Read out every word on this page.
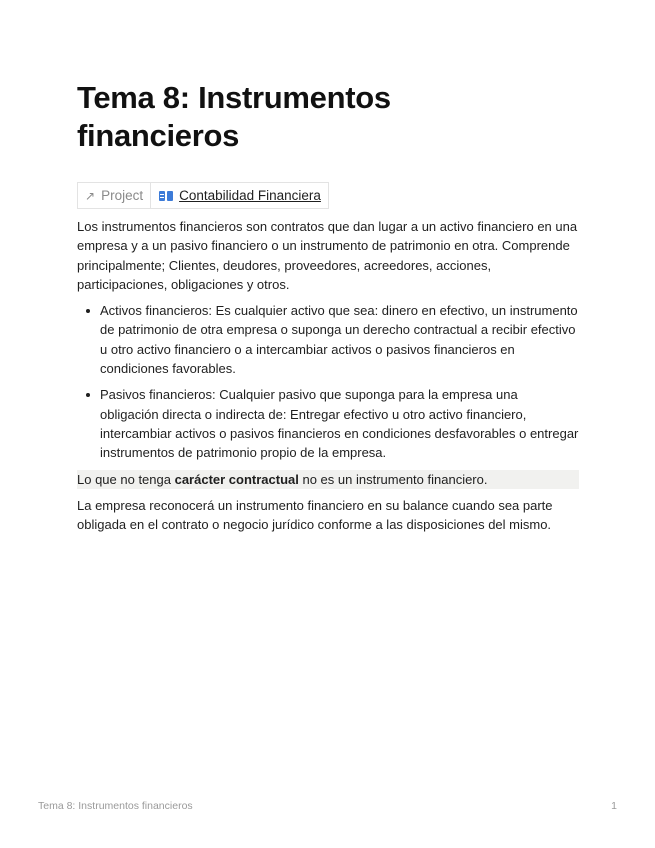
Tema 8: Instrumentos
financieros
↗ Project	Contabilidad Financiera

Los instrumentos financieros son contratos que dan lugar a un activo financiero en una empresa y a un pasivo financiero o un instrumento de patrimonio en otra. Comprende principalmente; Clientes, deudores, proveedores, acreedores, acciones, participaciones, obligaciones y otros.

Activos financieros: Es cualquier activo que sea: dinero en efectivo, un instrumento de patrimonio de otra empresa o suponga un derecho contractual a recibir efectivo u otro activo financiero o a intercambiar activos o pasivos financieros en condiciones favorables.
Pasivos financieros: Cualquier pasivo que suponga para la empresa una obligación directa o indirecta de: Entregar efectivo u otro activo financiero, intercambiar activos o pasivos financieros en condiciones desfavorables o entregar instrumentos de patrimonio propio de la empresa.
Lo que no tenga carácter contractual no es un instrumento financiero.

La empresa reconocerá un instrumento financiero en su balance cuando sea parte obligada en el contrato o negocio jurídico conforme a las disposiciones del mismo.

Tema 8: Instrumentos financieros	1
